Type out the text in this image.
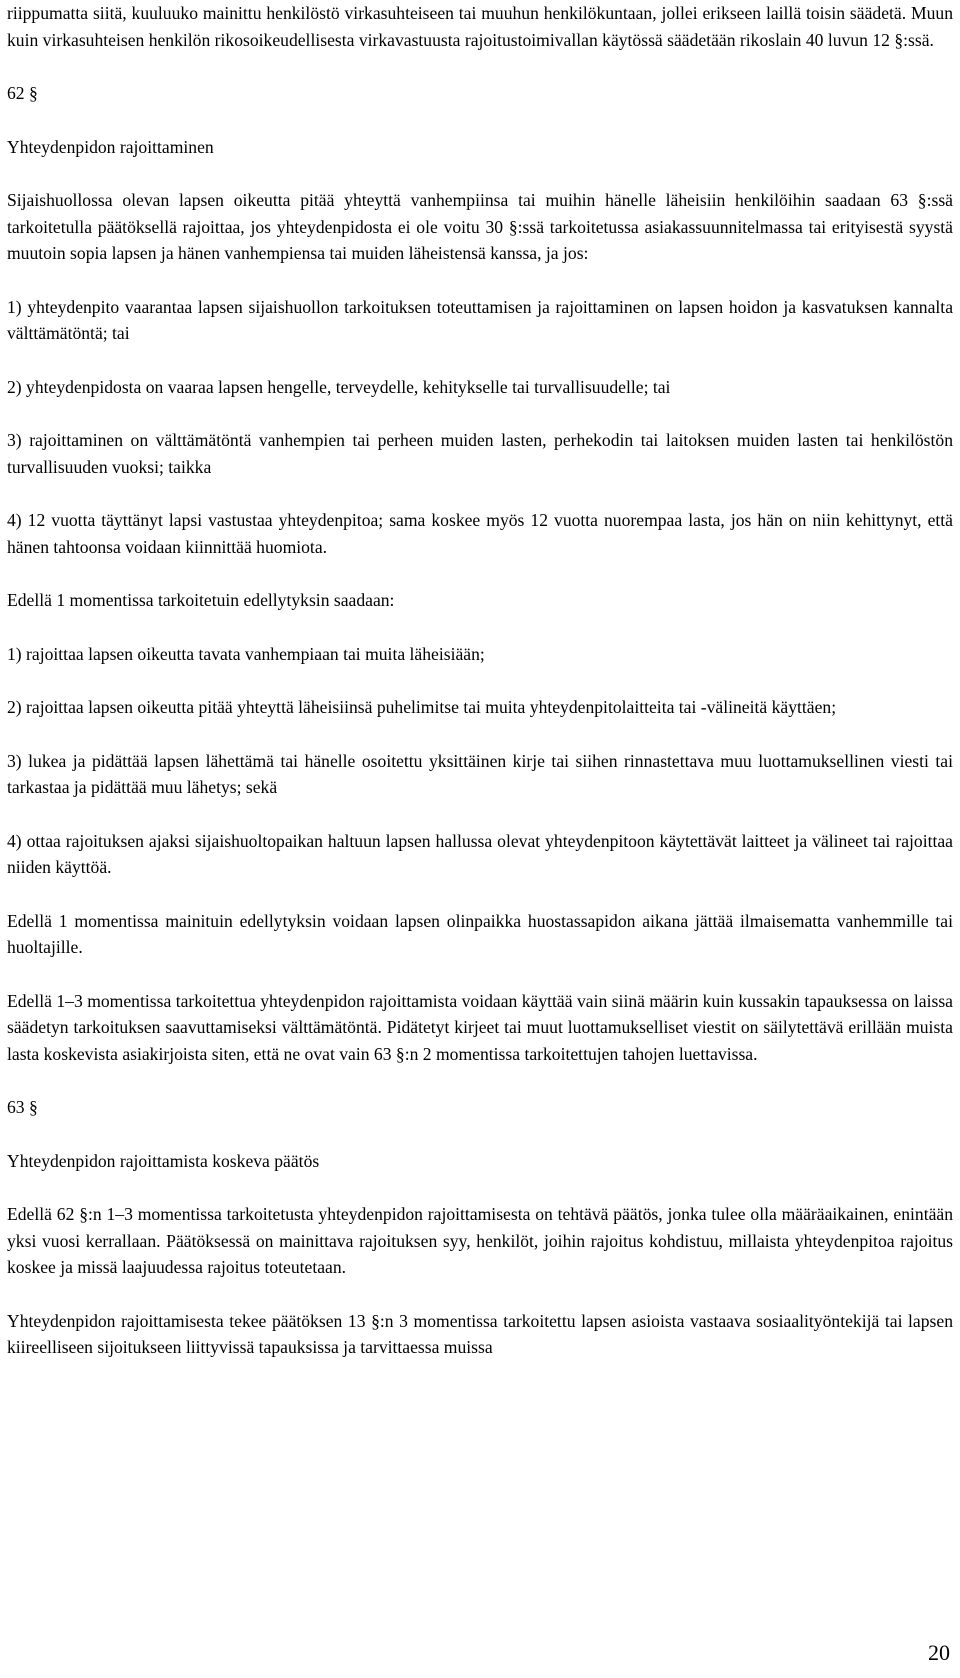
riippumatta siitä, kuuluuko mainittu henkilöstö virkasuhteiseen tai muuhun henkilökuntaan, jollei erikseen laillä toisin säädetä. Muun kuin virkasuhteisen henkilön rikosoikeudellisesta virkavastuusta rajoitustoimivallan käytössä säädetään rikoslain 40 luvun 12 §:ssä.

62 §

Yhteydenpidon rajoittaminen

Sijaishuollossa olevan lapsen oikeutta pitää yhteyttä vanhempiinsa tai muihin hänelle läheisiin henkilöihin saadaan 63 §:ssä tarkoitetulla päätöksellä rajoittaa, jos yhteydenpidosta ei ole voitu 30 §:ssä tarkoitetussa asiakassuunnitelmassa tai erityisestä syystä muutoin sopia lapsen ja hänen vanhempiensa tai muiden läheistensä kanssa, ja jos:

1) yhteydenpito vaarantaa lapsen sijaishuollon tarkoituksen toteuttamisen ja rajoittaminen on lapsen hoidon ja kasvatuksen kannalta välttämätöntä; tai

2) yhteydenpidosta on vaaraa lapsen hengelle, terveydelle, kehitykselle tai turvallisuudelle; tai

3) rajoittaminen on välttämätöntä vanhempien tai perheen muiden lasten, perhekodin tai laitoksen muiden lasten tai henkilöstön turvallisuuden vuoksi; taikka

4) 12 vuotta täyttänyt lapsi vastustaa yhteydenpitoa; sama koskee myös 12 vuotta nuorempaa lasta, jos hän on niin kehittynyt, että hänen tahtoonsa voidaan kiinnittää huomiota.

Edellä 1 momentissa tarkoitetuin edellytyksin saadaan:

1) rajoittaa lapsen oikeutta tavata vanhempiaan tai muita läheisiään;

2) rajoittaa lapsen oikeutta pitää yhteyttä läheisiinsä puhelimitse tai muita yhteydenpitolaitteita tai -välineitä käyttäen;

3) lukea ja pidättää lapsen lähettämä tai hänelle osoitettu yksittäinen kirje tai siihen rinnastettava muu luottamuksellinen viesti tai tarkastaa ja pidättää muu lähetys; sekä

4) ottaa rajoituksen ajaksi sijaishuoltopaikan haltuun lapsen hallussa olevat yhteydenpitoon käytettävät laitteet ja välineet tai rajoittaa niiden käyttöä.

Edellä 1 momentissa mainituin edellytyksin voidaan lapsen olinpaikka huostassapidon aikana jättää ilmaisematta vanhemmille tai huoltajille.

Edellä 1–3 momentissa tarkoitettua yhteydenpidon rajoittamista voidaan käyttää vain siinä määrin kuin kussakin tapauksessa on laissa säädetyn tarkoituksen saavuttamiseksi välttämätöntä. Pidätetyt kirjeet tai muut luottamukselliset viestit on säilytettävä erillään muista lasta koskevista asiakirjoista siten, että ne ovat vain 63 §:n 2 momentissa tarkoitettujen tahojen luettavissa.

63 §

Yhteydenpidon rajoittamista koskeva päätös

Edellä 62 §:n 1–3 momentissa tarkoitetusta yhteydenpidon rajoittamisesta on tehtävä päätös, jonka tulee olla määräaikainen, enintään yksi vuosi kerrallaan. Päätöksessä on mainittava rajoituksen syy, henkilöt, joihin rajoitus kohdistuu, millaista yhteydenpitoa rajoitus koskee ja missä laajuudessa rajoitus toteutetaan.

Yhteydenpidon rajoittamisesta tekee päätöksen 13 §:n 3 momentissa tarkoitettu lapsen asioista vastaava sosiaalityöntekijä tai lapsen kiireelliseen sijoitukseen liittyvissä tapauksissa ja tarvittaessa muissa

20
